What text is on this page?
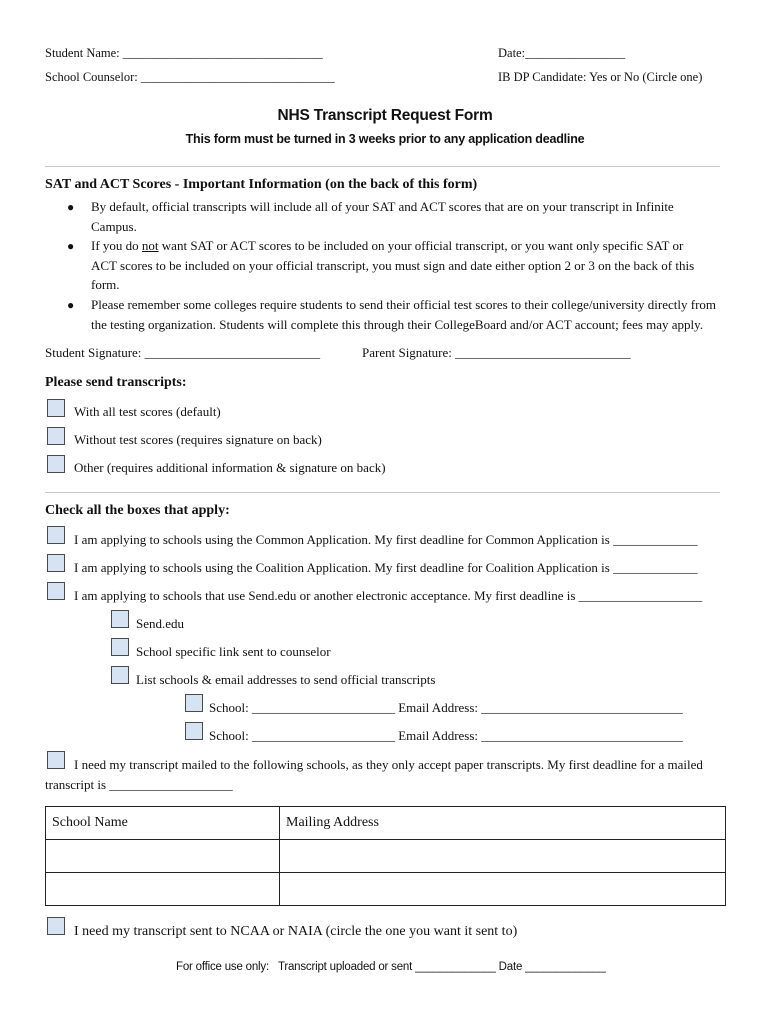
Student Name: ________________________________	Date:________________
School Counselor: _______________________________	IB DP Candidate: Yes or No (Circle one)
NHS Transcript Request Form
This form must be turned in 3 weeks prior to any application deadline
SAT and ACT Scores - Important Information (on the back of this form)
● By default, official transcripts will include all of your SAT and ACT scores that are on your transcript in Infinite
Campus.
● If you do not want SAT or ACT scores to be included on your official transcript, or you want only specific SAT or
ACT scores to be included on your official transcript, you must sign and date either option 2 or 3 on the back of this
form.
● Please remember some colleges require students to send their official test scores to their college/university directly from
the testing organization. Students will complete this through their CollegeBoard and/or ACT account; fees may apply.
Student Signature: ___________________________	Parent Signature: ___________________________
Please send transcripts:
With all test scores (default)
Without test scores (requires signature on back)
Other (requires additional information & signature on back)
Check all the boxes that apply:
I am applying to schools using the Common Application. My first deadline for Common Application is _____________
I am applying to schools using the Coalition Application. My first deadline for Coalition Application is _____________
I am applying to schools that use Send.edu or another electronic acceptance. My first deadline is ___________________
Send.edu
School specific link sent to counselor
List schools & email addresses to send official transcripts
School: ______________________ Email Address: _______________________________
School: ______________________ Email Address: _______________________________
I need my transcript mailed to the following schools, as they only accept paper transcripts. My first deadline for a mailed
transcript is ___________________
School Name	Mailing Address

I need my transcript sent to NCAA or NAIA (circle the one you want it sent to)
For office use only: Transcript uploaded or sent _____________ Date _____________
